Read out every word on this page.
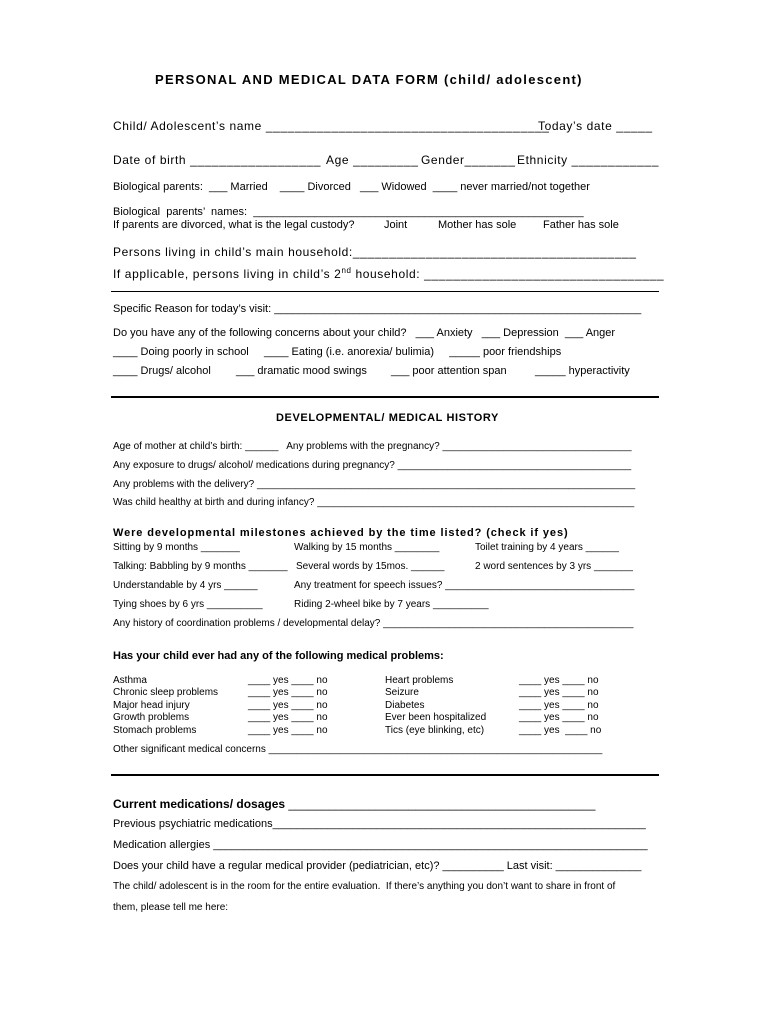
PERSONAL AND MEDICAL DATA FORM (child/ adolescent)
Child/ Adolescent’s name _______________________________________
Today’s date _____
Date of birth __________________ Age _________ Gender_______ Ethnicity ____________
Biological parents:  ___ Married    ____ Divorced   ___ Widowed  ____ never married/not together
Biological  parents’  names:  ______________________________________________________
If parents are divorced, what is the legal custody?	Joint	Mother has sole Father has sole
Persons living in child’s main household:_______________________________________
If applicable, persons living in child’s 2nd household: _________________________________
Specific Reason for today’s visit: ____________________________________________________________
Do you have any of the following concerns about your child?   ___ Anxiety   ___ Depression  ___ Anger
____ Doing poorly in school     ____ Eating (i.e. anorexia/ bulimia)     _____ poor friendships
____ Drugs/ alcohol ___ dramatic mood swings ___ poor attention span	_____ hyperactivity
DEVELOPMENTAL/ MEDICAL HISTORY
Age of mother at child’s birth: ______   Any problems with the pregnancy? __________________________________
Any exposure to drugs/ alcohol/ medications during pregnancy? __________________________________________
Any problems with the delivery? ____________________________________________________________________
Was child healthy at birth and during infancy? _________________________________________________________
Were developmental milestones achieved by the time listed? (check if yes)
Sitting by 9 months _______	Walking by 15 months ________	Toilet training by 4 years ______
Talking: Babbling by 9 months _______ Several words by 15mos. ______	2 word sentences by 3 yrs _______
Understandable by 4 yrs ______	Any treatment for speech issues? __________________________________
Tying shoes by 6 yrs __________	Riding 2-wheel bike by 7 years __________
Any history of coordination problems / developmental delay? _____________________________________________
Has your child ever had any of the following medical problems:
Asthma	____ yes ____ no
Chronic sleep problems	____ yes ____ no
Major head injury	____ yes ____ no
Growth problems	____ yes ____ no
Stomach problems	____ yes ____ no
Heart problems	____ yes ____ no
Seizure	____ yes ____ no
Diabetes	____ yes ____ no
Ever been hospitalized	____ yes ____ no
Tics (eye blinking, etc)	____ yes  ____ no
Other significant medical concerns ____________________________________________________________
Current medications/ dosages ______________________________________________
Previous psychiatric medications_____________________________________________________________
Medication allergies _______________________________________________________________________
Does your child have a regular medical provider (pediatrician, etc)? __________ Last visit: ______________
The child/ adolescent is in the room for the entire evaluation.  If there’s anything you don’t want to share in front of
them, please tell me here:
